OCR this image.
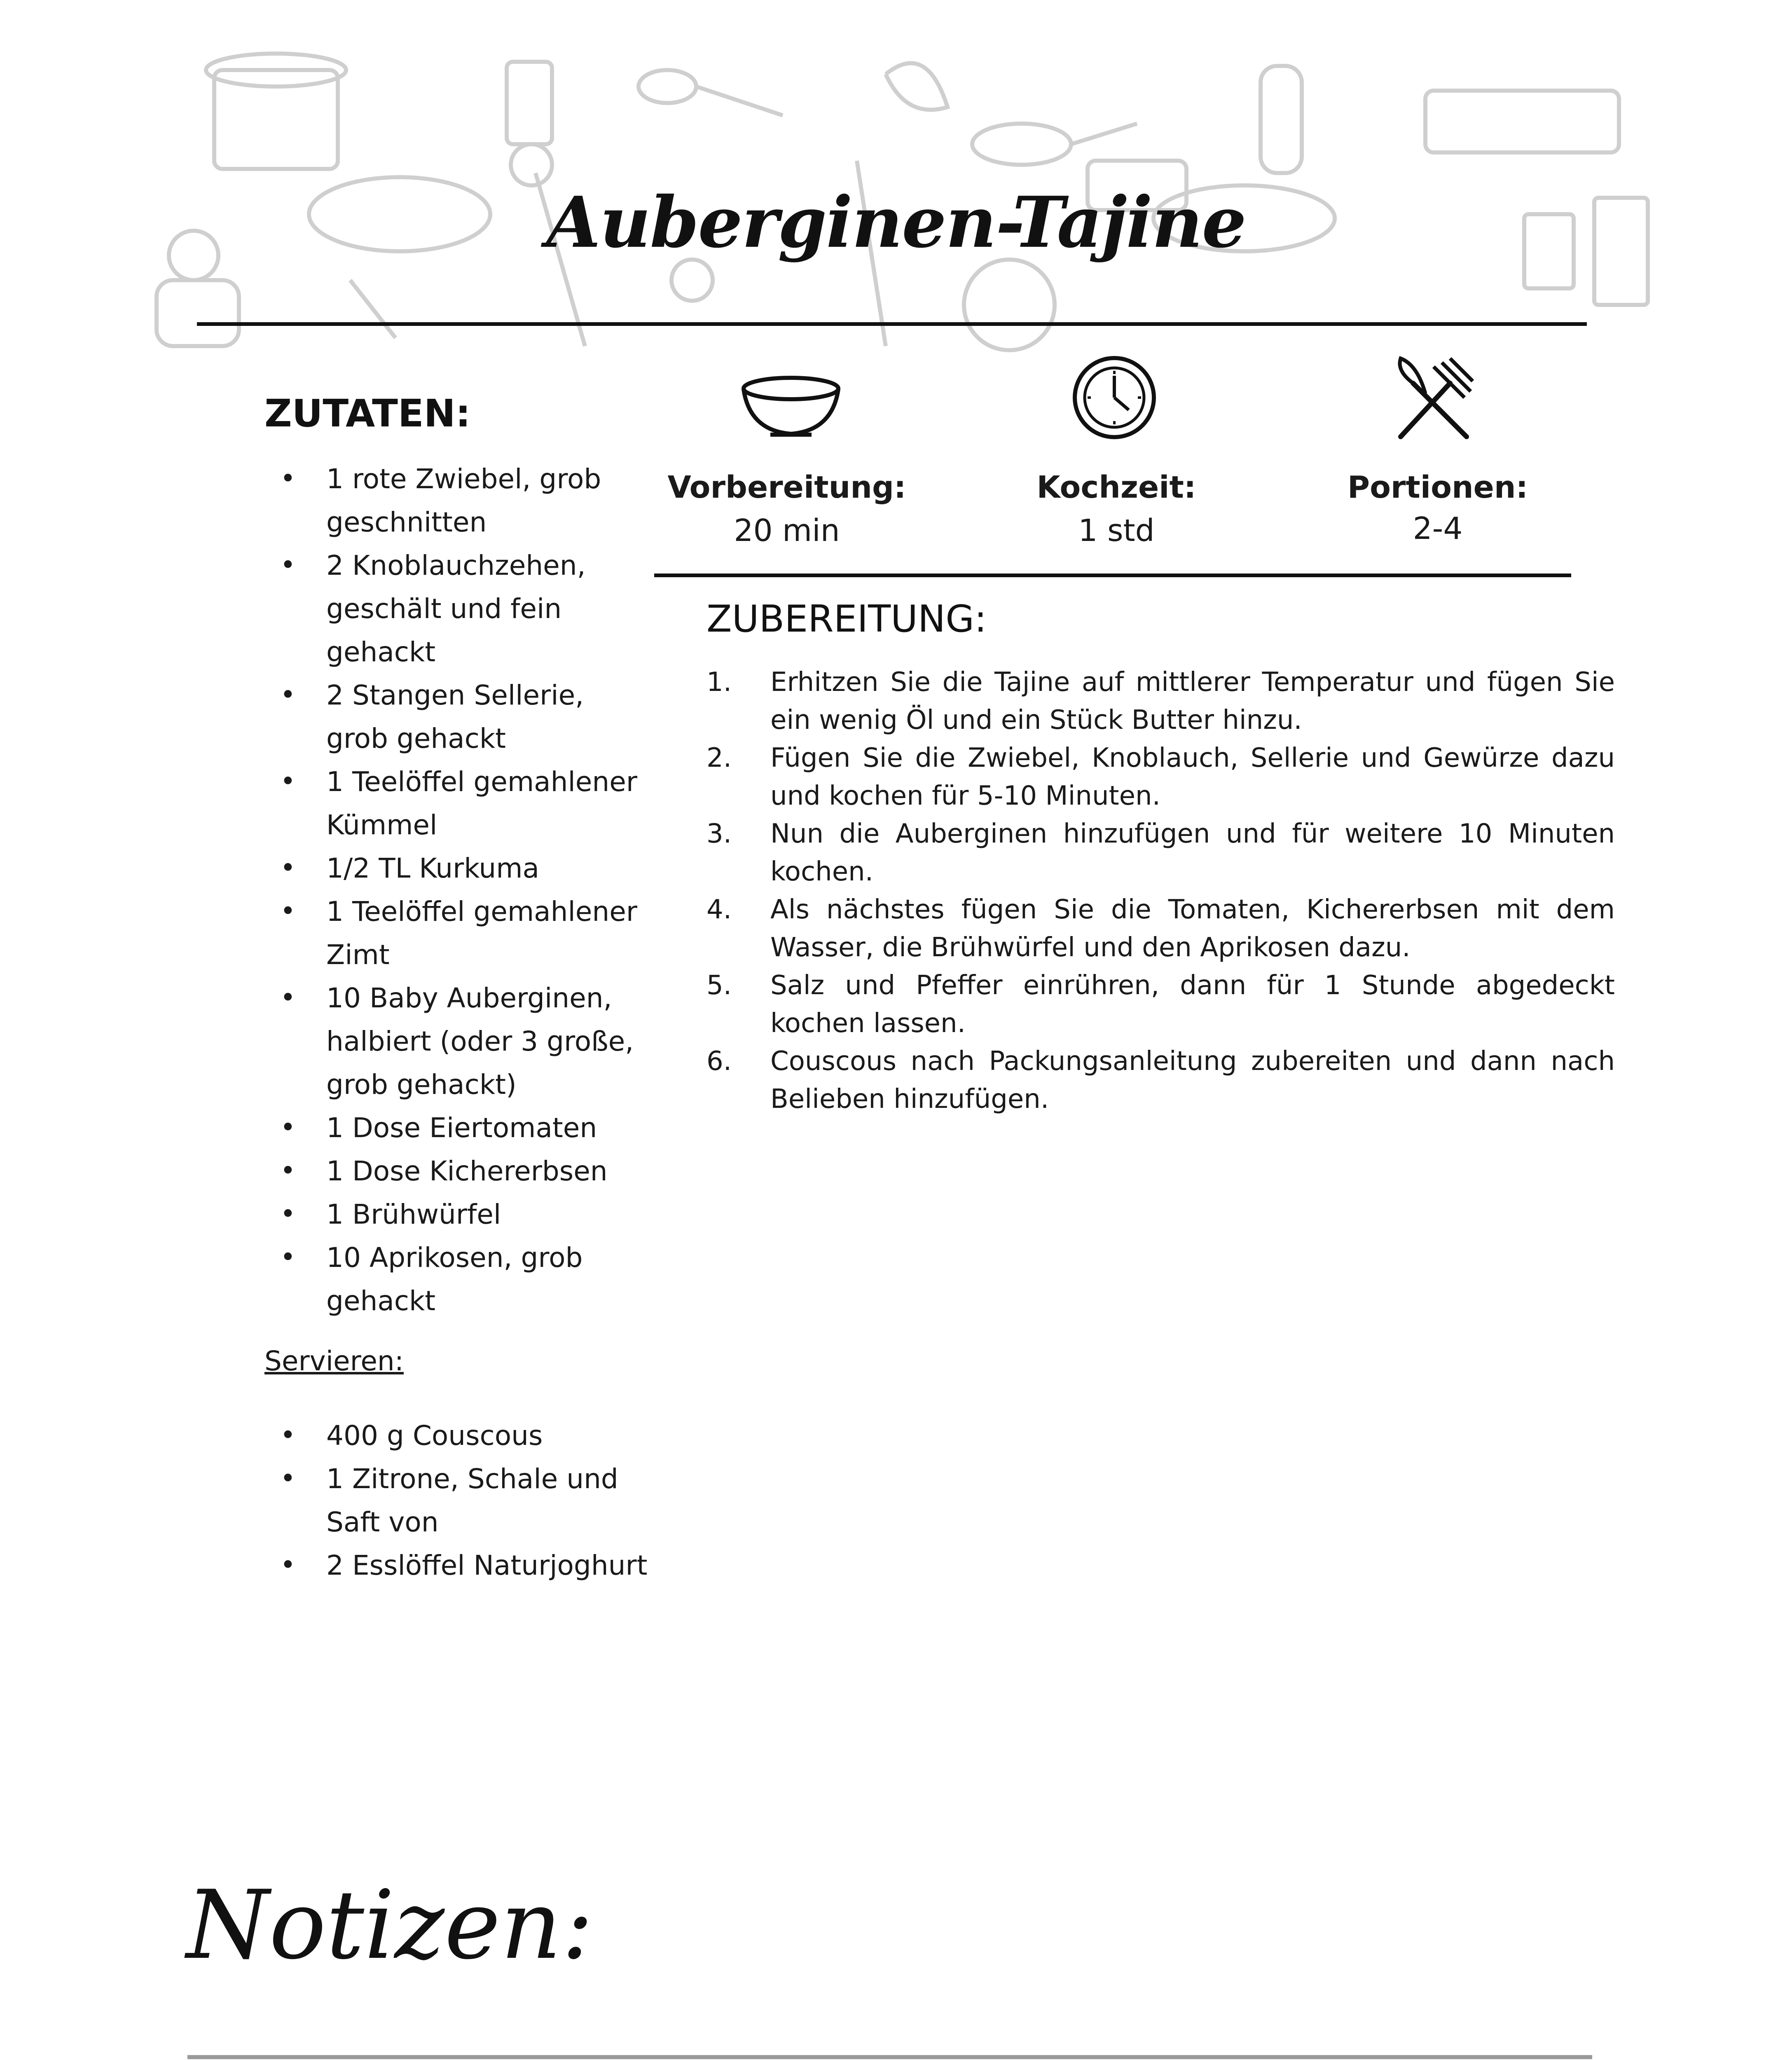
Auberginen-Tajine
ZUTATEN:
• 1 rote Zwiebel, grob geschnitten
• 2 Knoblauchzehen, geschält und fein gehackt
• 2 Stangen Sellerie, grob gehackt
• 1 Teelöffel gemahlener Kümmel
• 1/2 TL Kurkuma
• 1 Teelöffel gemahlener Zimt
• 10 Baby Auberginen, halbiert (oder 3 große, grob gehackt)
• 1 Dose Eiertomaten
• 1 Dose Kichererbsen
• 1 Brühwürfel
• 10 Aprikosen, grob gehackt
Servieren:
• 400 g Couscous
• 1 Zitrone, Schale und Saft von
• 2 Esslöffel Naturjoghurt
Vorbereitung:
20 min
Kochzeit:
1 std
Portionen:
2-4
ZUBEREITUNG:
1. Erhitzen Sie die Tajine auf mittlerer Temperatur und fügen Sie ein wenig Öl und ein Stück Butter hinzu.
2. Fügen Sie die Zwiebel, Knoblauch, Sellerie und Gewürze dazu und kochen für 5-10 Minuten.
3. Nun die Auberginen hinzufügen und für weitere 10 Minuten kochen.
4. Als nächstes fügen Sie die Tomaten, Kichererbsen mit dem Wasser, die Brühwürfel und den Aprikosen dazu.
5. Salz und Pfeffer einrühren, dann für 1 Stunde abgedeckt kochen lassen.
6. Couscous nach Packungsanleitung zubereiten und dann nach Belieben hinzufügen.
Notizen:
